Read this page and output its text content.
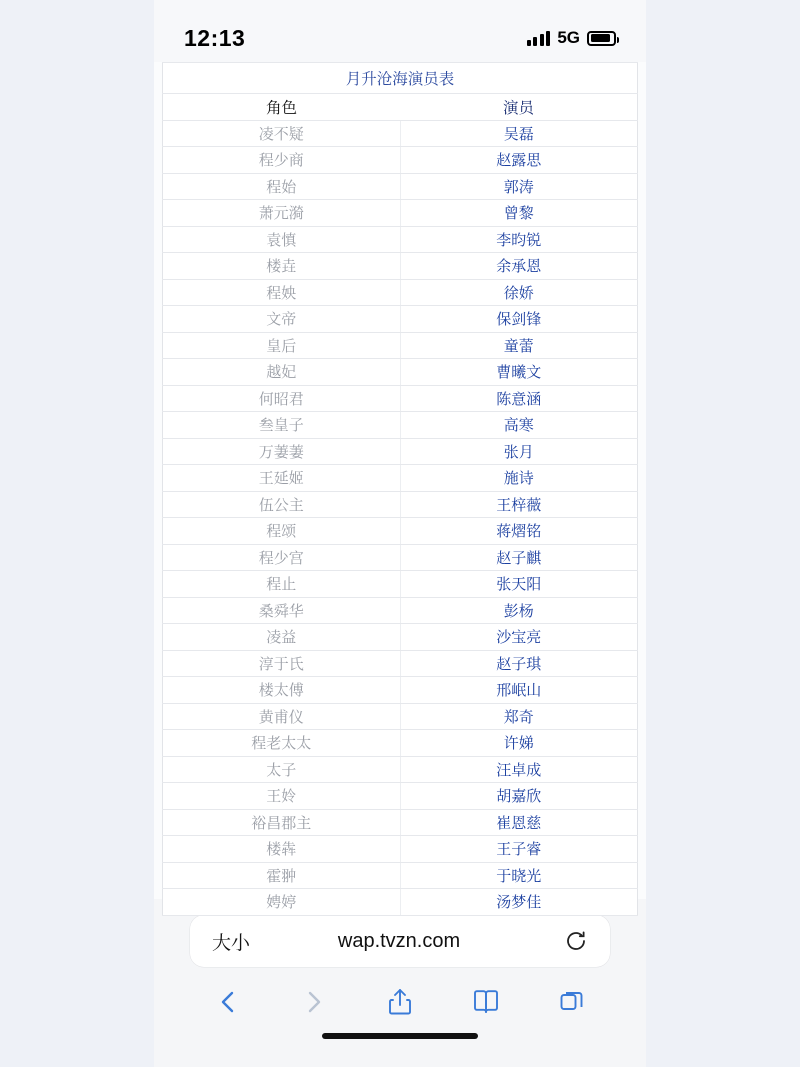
12:13	5G
月升沧海演员表	
角色	演员
凌不疑	吴磊
程少商	赵露思
程始	郭涛
萧元漪	曾黎
袁慎	李昀锐
楼垚	余承恩
程姎	徐娇
文帝	保剑锋
皇后	童蕾
越妃	曹曦文
何昭君	陈意涵
叁皇子	高寒
万萋萋	张月
王延姬	施诗
伍公主	王梓薇
程颂	蒋熠铭
程少宫	赵子麒
程止	张天阳
桑舜华	彭杨
凌益	沙宝亮
淳于氏	赵子琪
楼太傅	邢岷山
黄甫仪	郑奇
程老太太	许娣
太子	汪卓成
王姈	胡嘉欣
裕昌郡主	崔恩慈
楼犇	王子睿
霍翀	于晓光
娉婷	汤梦佳
大小	wap.tvzn.com
